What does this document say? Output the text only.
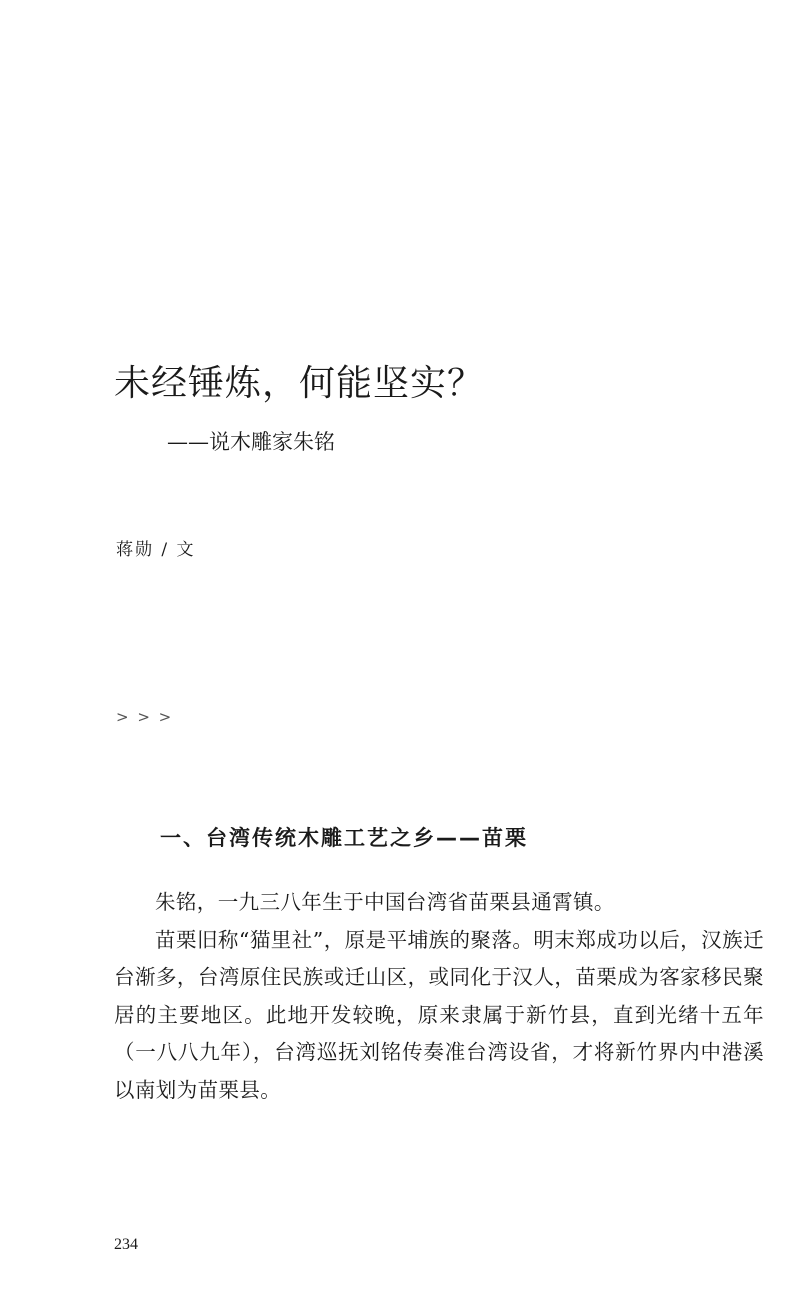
未经锤炼，何能坚实？
——说木雕家朱铭
蒋勋 / 文
> > >
一、台湾传统木雕工艺之乡——苗栗

朱铭，一九三八年生于中国台湾省苗栗县通霄镇。

苗栗旧称“猫里社”，原是平埔族的聚落。明末郑成功以后，汉族迁台渐多，台湾原住民族或迁山区，或同化于汉人，苗栗成为客家移民聚居的主要地区。此地开发较晚，原来隶属于新竹县，直到光绪十五年（一八八九年），台湾巡抚刘铭传奏准台湾设省，才将新竹界内中港溪以南划为苗栗县。

234
